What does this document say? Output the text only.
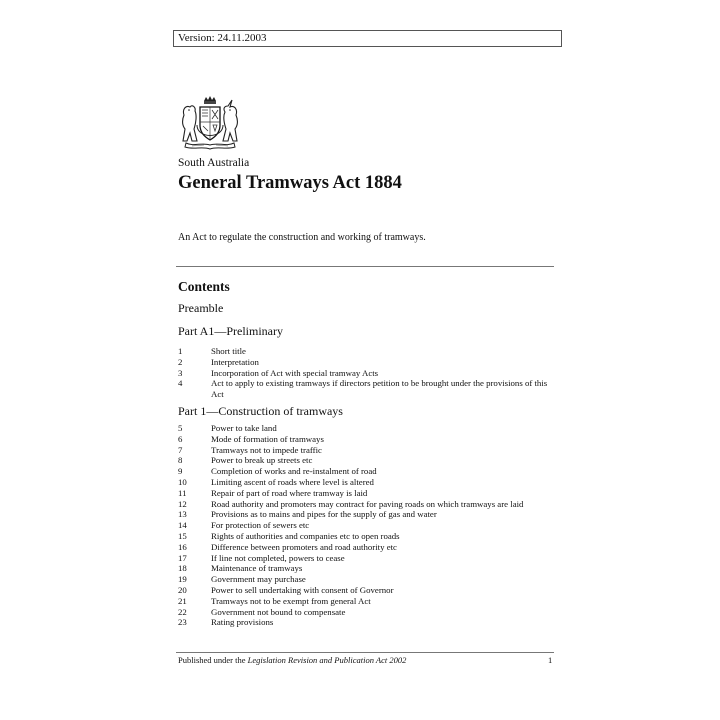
Version: 24.11.2003
South Australia
General Tramways Act 1884
An Act to regulate the construction and working of tramways.
Contents
Preamble
Part A1—Preliminary
1	Short title
2	Interpretation
3	Incorporation of Act with special tramway Acts
4	Act to apply to existing tramways if directors petition to be brought under the provisions of this Act
Part 1—Construction of tramways
5	Power to take land
6	Mode of formation of tramways
7	Tramways not to impede traffic
8	Power to break up streets etc
9	Completion of works and re-instalment of road
10	Limiting ascent of roads where level is altered
11	Repair of part of road where tramway is laid
12	Road authority and promoters may contract for paving roads on which tramways are laid
13	Provisions as to mains and pipes for the supply of gas and water
14	For protection of sewers etc
15	Rights of authorities and companies etc to open roads
16	Difference between promoters and road authority etc
17	If line not completed, powers to cease
18	Maintenance of tramways
19	Government may purchase
20	Power to sell undertaking with consent of Governor
21	Tramways not to be exempt from general Act
22	Government not bound to compensate
23	Rating provisions
Published under the Legislation Revision and Publication Act 2002	1
